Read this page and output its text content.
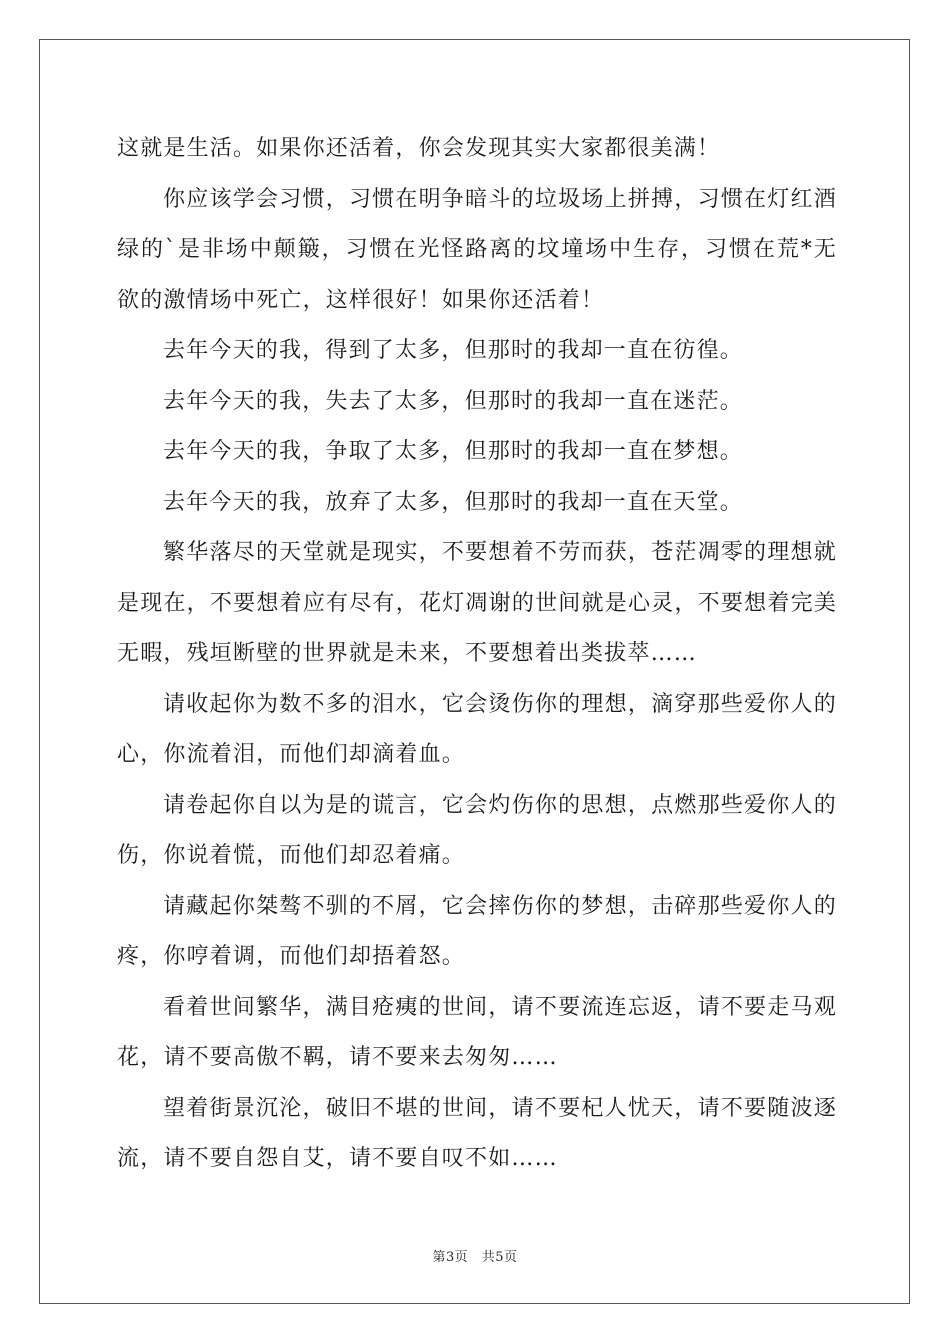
这就是生活。如果你还活着，你会发现其实大家都很美满！

你应该学会习惯，习惯在明争暗斗的垃圾场上拼搏，习惯在灯红酒绿的`是非场中颠簸，习惯在光怪路离的坟墥场中生存，习惯在荒*无欲的激情场中死亡，这样很好！如果你还活着！

去年今天的我，得到了太多，但那时的我却一直在彷徨。

去年今天的我，失去了太多，但那时的我却一直在迷茫。

去年今天的我，争取了太多，但那时的我却一直在梦想。

去年今天的我，放弃了太多，但那时的我却一直在天堂。

繁华落尽的天堂就是现实，不要想着不劳而获，苍茫凋零的理想就是现在，不要想着应有尽有，花灯凋谢的世间就是心灵，不要想着完美无暇，残垣断壁的世界就是未来，不要想着出类拔萃……

请收起你为数不多的泪水，它会烫伤你的理想，滴穿那些爱你人的心，你流着泪，而他们却滴着血。

请卷起你自以为是的谎言，它会灼伤你的思想，点燃那些爱你人的伤，你说着慌，而他们却忍着痛。

请藏起你桀骜不驯的不屑，它会摔伤你的梦想，击碎那些爱你人的疼，你哼着调，而他们却捂着怒。

看着世间繁华，满目疮痍的世间，请不要流连忘返，请不要走马观花，请不要高傲不羁，请不要来去匆匆……

望着街景沉沦，破旧不堪的世间，请不要杞人忧天，请不要随波逐流，请不要自怨自艾，请不要自叹不如……

第3页　共5页
